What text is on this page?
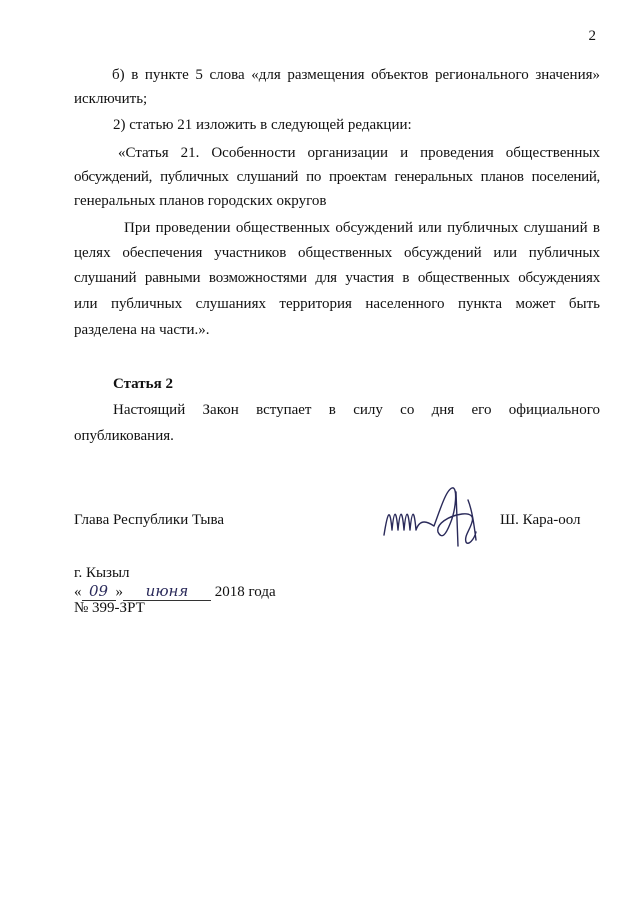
2
б) в пункте 5 слова «для размещения объектов регионального значения»
исключить;
2) статью 21 изложить в следующей редакции:
«Статья 21. Особенности организации и проведения общественных
обсуждений, публичных слушаний по проектам генеральных планов поселений,
генеральных планов городских округов
При проведении общественных обсуждений или публичных слушаний в
целях обеспечения участников общественных обсуждений или публичных
слушаний равными возможностями для участия в общественных обсуждениях
или публичных слушаниях территория населенного пункта может быть
разделена на части.».
Статья 2
Настоящий Закон вступает в силу со дня его официального
опубликования.
Глава Республики Тыва	Ш. Кара-оол
г. Кызыл
« 09 » июня 2018 года
№ 399-ЗРТ
